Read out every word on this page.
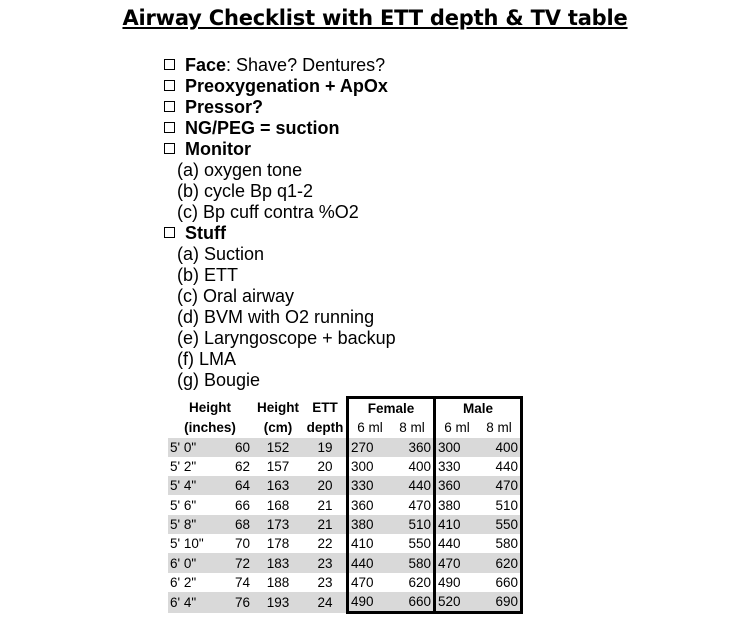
Airway Checklist with ETT depth & TV table
Face: Shave? Dentures?
Preoxygenation + ApOx
Pressor?
NG/PEG = suction
Monitor
(a) oxygen tone
(b) cycle Bp q1-2
(c) Bp cuff contra %O2
Stuff
(a) Suction
(b) ETT
(c) Oral airway
(d) BVM with O2 running
(e) Laryngoscope + backup
(f) LMA
(g) Bougie
Height		Height	ETT	Female		Male	
(inches)		(cm)	depth	6 ml	8 ml	6 ml	8 ml
5' 0"	60	152	19	270	360	300	400
5' 2"	62	157	20	300	400	330	440
5' 4"	64	163	20	330	440	360	470
5' 6"	66	168	21	360	470	380	510
5' 8"	68	173	21	380	510	410	550
5' 10"	70	178	22	410	550	440	580
6' 0"	72	183	23	440	580	470	620
6' 2"	74	188	23	470	620	490	660
6' 4"	76	193	24	490	660	520	690
